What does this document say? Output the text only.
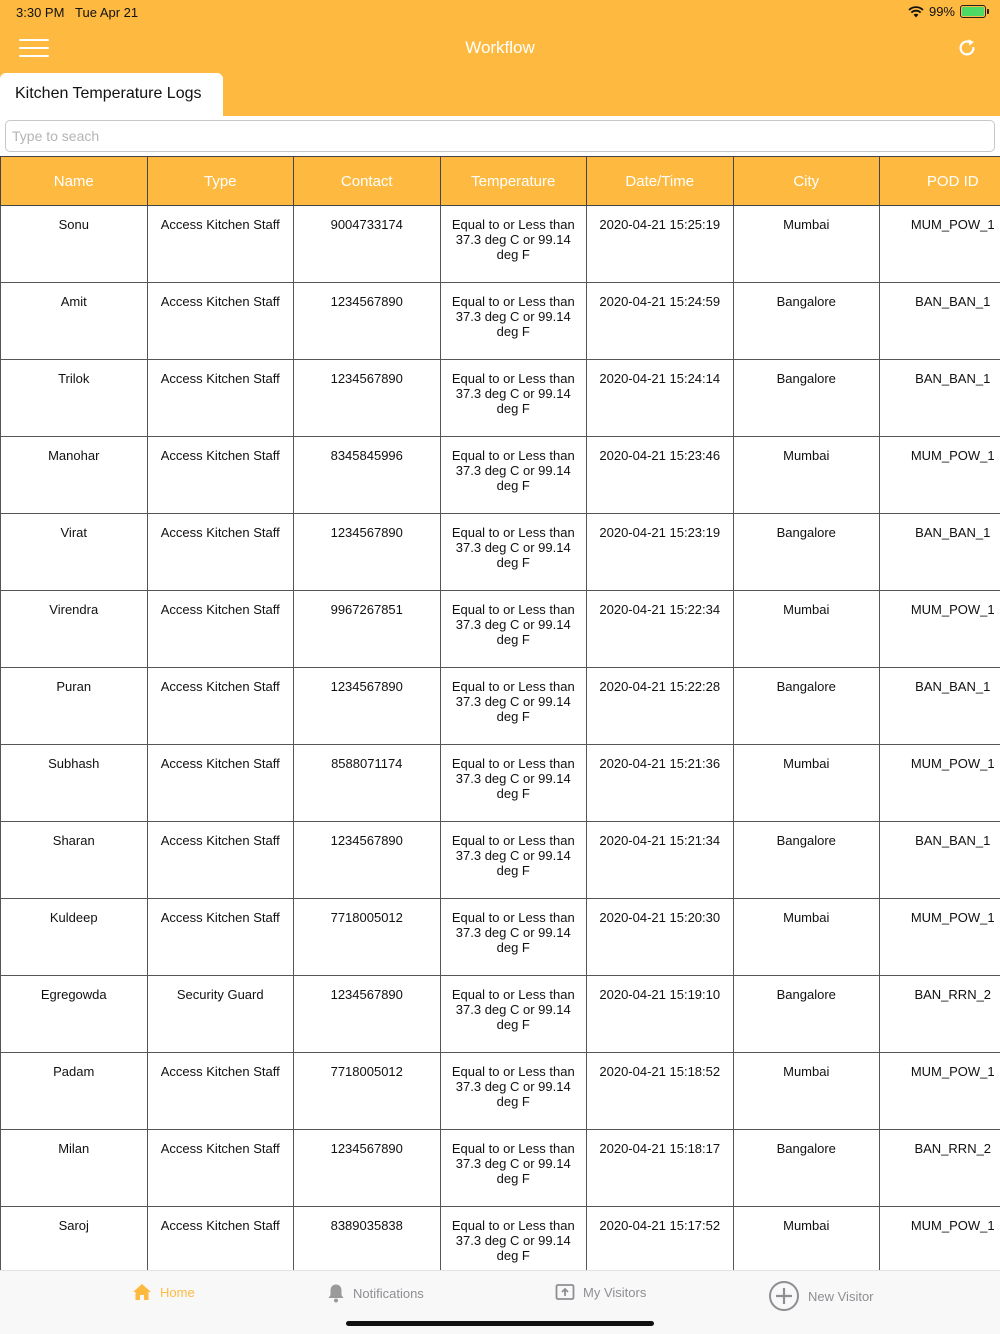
3:30 PM Tue Apr 21	99%
Workflow
Kitchen Temperature Logs
Type to seach
Name	Type	Contact	Temperature	Date/Time	City	POD ID
Sonu	Access Kitchen Staff	9004733174	Equal to or Less than 37.3 deg C or 99.14 deg F	2020-04-21 15:25:19	Mumbai	MUM_POW_1
Amit	Access Kitchen Staff	1234567890	Equal to or Less than 37.3 deg C or 99.14 deg F	2020-04-21 15:24:59	Bangalore	BAN_BAN_1
Trilok	Access Kitchen Staff	1234567890	Equal to or Less than 37.3 deg C or 99.14 deg F	2020-04-21 15:24:14	Bangalore	BAN_BAN_1
Manohar	Access Kitchen Staff	8345845996	Equal to or Less than 37.3 deg C or 99.14 deg F	2020-04-21 15:23:46	Mumbai	MUM_POW_1
Virat	Access Kitchen Staff	1234567890	Equal to or Less than 37.3 deg C or 99.14 deg F	2020-04-21 15:23:19	Bangalore	BAN_BAN_1
Virendra	Access Kitchen Staff	9967267851	Equal to or Less than 37.3 deg C or 99.14 deg F	2020-04-21 15:22:34	Mumbai	MUM_POW_1
Puran	Access Kitchen Staff	1234567890	Equal to or Less than 37.3 deg C or 99.14 deg F	2020-04-21 15:22:28	Bangalore	BAN_BAN_1
Subhash	Access Kitchen Staff	8588071174	Equal to or Less than 37.3 deg C or 99.14 deg F	2020-04-21 15:21:36	Mumbai	MUM_POW_1
Sharan	Access Kitchen Staff	1234567890	Equal to or Less than 37.3 deg C or 99.14 deg F	2020-04-21 15:21:34	Bangalore	BAN_BAN_1
Kuldeep	Access Kitchen Staff	7718005012	Equal to or Less than 37.3 deg C or 99.14 deg F	2020-04-21 15:20:30	Mumbai	MUM_POW_1
Egregowda	Security Guard	1234567890	Equal to or Less than 37.3 deg C or 99.14 deg F	2020-04-21 15:19:10	Bangalore	BAN_RRN_2
Padam	Access Kitchen Staff	7718005012	Equal to or Less than 37.3 deg C or 99.14 deg F	2020-04-21 15:18:52	Mumbai	MUM_POW_1
Milan	Access Kitchen Staff	1234567890	Equal to or Less than 37.3 deg C or 99.14 deg F	2020-04-21 15:18:17	Bangalore	BAN_RRN_2
Saroj	Access Kitchen Staff	8389035838	Equal to or Less than 37.3 deg C or 99.14 deg F	2020-04-21 15:17:52	Mumbai	MUM_POW_1
Home	Notifications	My Visitors	New Visitor
